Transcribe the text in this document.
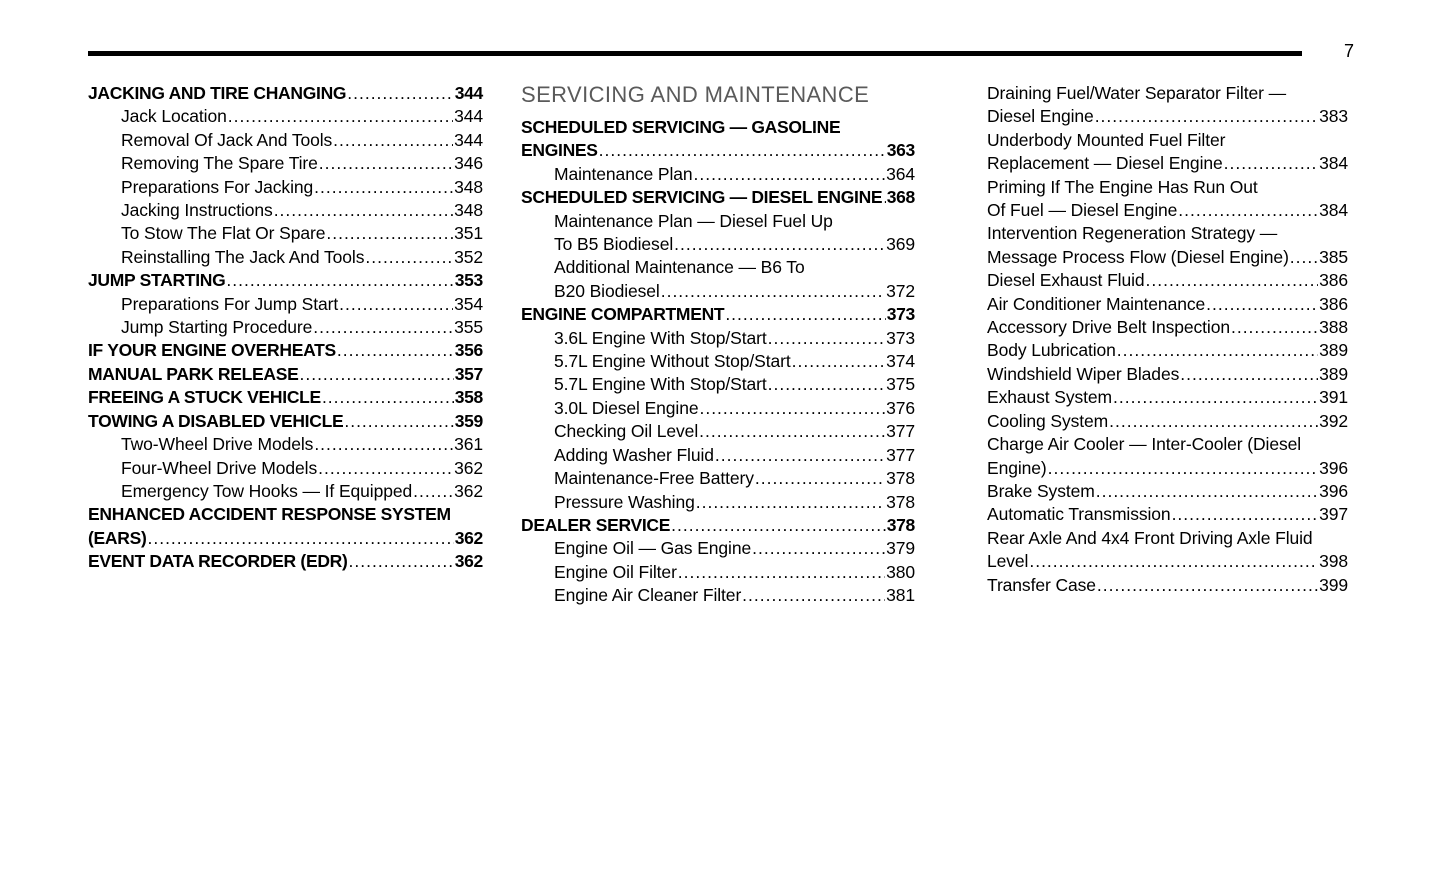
7
JACKING AND TIRE CHANGING .....	344
Jack Location .....	344
Removal Of Jack And Tools .....	344
Removing The Spare Tire .....	346
Preparations For Jacking .....	348
Jacking Instructions .....	348
To Stow The Flat Or Spare .....	351
Reinstalling The Jack And Tools .....	352
JUMP STARTING .....	353
Preparations For Jump Start .....	354
Jump Starting Procedure .....	355
IF YOUR ENGINE OVERHEATS .....	356
MANUAL PARK RELEASE .....	357
FREEING A STUCK VEHICLE .....	358
TOWING A DISABLED VEHICLE .....	359
Two-Wheel Drive Models .....	361
Four-Wheel Drive Models .....	362
Emergency Tow Hooks — If Equipped ..... 362
ENHANCED ACCIDENT RESPONSE SYSTEM
(EARS) .....	362
EVENT DATA RECORDER (EDR) .....	362
SERVICING AND MAINTENANCE
SCHEDULED SERVICING — GASOLINE
ENGINES .....	363
Maintenance Plan .....	364
SCHEDULED SERVICING — DIESEL ENGINE ..... 368
Maintenance Plan — Diesel Fuel Up
To B5 Biodiesel .....	369
Additional Maintenance — B6 To
B20 Biodiesel .....	372
ENGINE COMPARTMENT .....	373
3.6L Engine With Stop/Start .....	373
5.7L Engine Without Stop/Start .....	374
5.7L Engine With Stop/Start .....	375
3.0L Diesel Engine .....	376
Checking Oil Level .....	377
Adding Washer Fluid .....	377
Maintenance-Free Battery .....	378
Pressure Washing .....	378
DEALER SERVICE .....	378
Engine Oil — Gas Engine .....	379
Engine Oil Filter .....	380
Engine Air Cleaner Filter .....	381
Draining Fuel/Water Separator Filter —
Diesel Engine .....	383
Underbody Mounted Fuel Filter
Replacement — Diesel Engine .....	384
Priming If The Engine Has Run Out
Of Fuel — Diesel Engine .....	384
Intervention Regeneration Strategy —
Message Process Flow (Diesel Engine) ..... 385
Diesel Exhaust Fluid .....	386
Air Conditioner Maintenance .....	386
Accessory Drive Belt Inspection .....	388
Body Lubrication .....	389
Windshield Wiper Blades .....	389
Exhaust System .....	391
Cooling System .....	392
Charge Air Cooler — Inter-Cooler (Diesel
Engine) .....	396
Brake System .....	396
Automatic Transmission .....	397
Rear Axle And 4x4 Front Driving Axle Fluid
Level .....	398
Transfer Case .....	399
